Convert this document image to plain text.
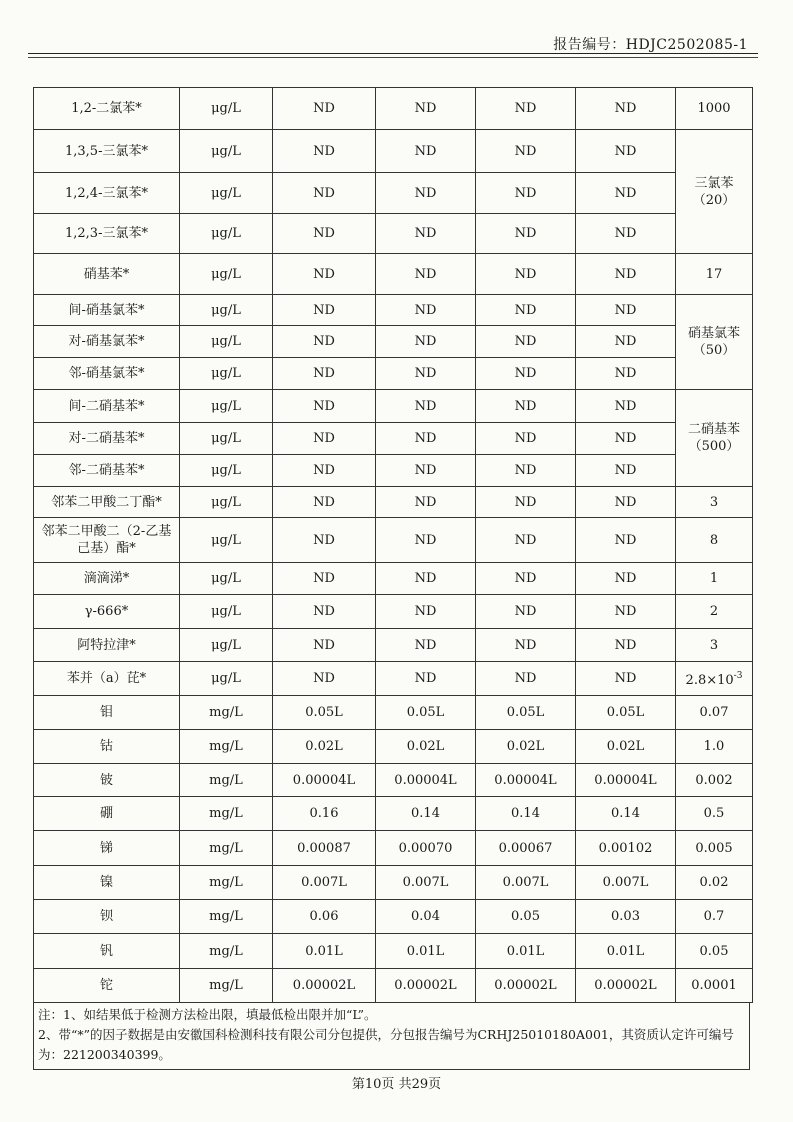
报告编号：HDJC2502085-1
1,2-二氯苯*	μg/L	ND	ND	ND	ND	1000
1,3,5-三氯苯*	μg/L	ND	ND	ND	ND	三氯苯（20）
1,2,4-三氯苯*	μg/L	ND	ND	ND	ND	
1,2,3-三氯苯*	μg/L	ND	ND	ND	ND	
硝基苯*	μg/L	ND	ND	ND	ND	17
间-硝基氯苯*	μg/L	ND	ND	ND	ND	硝基氯苯（50）
对-硝基氯苯*	μg/L	ND	ND	ND	ND	
邻-硝基氯苯*	μg/L	ND	ND	ND	ND	
间-二硝基苯*	μg/L	ND	ND	ND	ND	二硝基苯（500）
对-二硝基苯*	μg/L	ND	ND	ND	ND	
邻-二硝基苯*	μg/L	ND	ND	ND	ND	
邻苯二甲酸二丁酯*	μg/L	ND	ND	ND	ND	3
邻苯二甲酸二（2-乙基己基）酯*	μg/L	ND	ND	ND	ND	8
滴滴涕*	μg/L	ND	ND	ND	ND	1
γ-666*	μg/L	ND	ND	ND	ND	2
阿特拉津*	μg/L	ND	ND	ND	ND	3
苯并（a）芘*	μg/L	ND	ND	ND	ND	$2.8\times 10^{-3}$
钼	mg/L	0.05L	0.05L	0.05L	0.05L	0.07
钴	mg/L	0.02L	0.02L	0.02L	0.02L	1.0
铍	mg/L	0.00004L	0.00004L	0.00004L	0.00004L	0.002
硼	mg/L	0.16	0.14	0.14	0.14	0.5
锑	mg/L	0.00087	0.00070	0.00067	0.00102	0.005
镍	mg/L	0.007L	0.007L	0.007L	0.007L	0.02
钡	mg/L	0.06	0.04	0.05	0.03	0.7
钒	mg/L	0.01L	0.01L	0.01L	0.01L	0.05
铊	mg/L	0.00002L	0.00002L	0.00002L	0.00002L	0.0001
注：1、如结果低于检测方法检出限，填最低检出限并加“L”。
2、带“*”的因子数据是由安徽国科检测科技有限公司分包提供，分包报告编号为CRHJ25010180A001，其资质认定许可编号为：221200340399。
第10页 共29页
